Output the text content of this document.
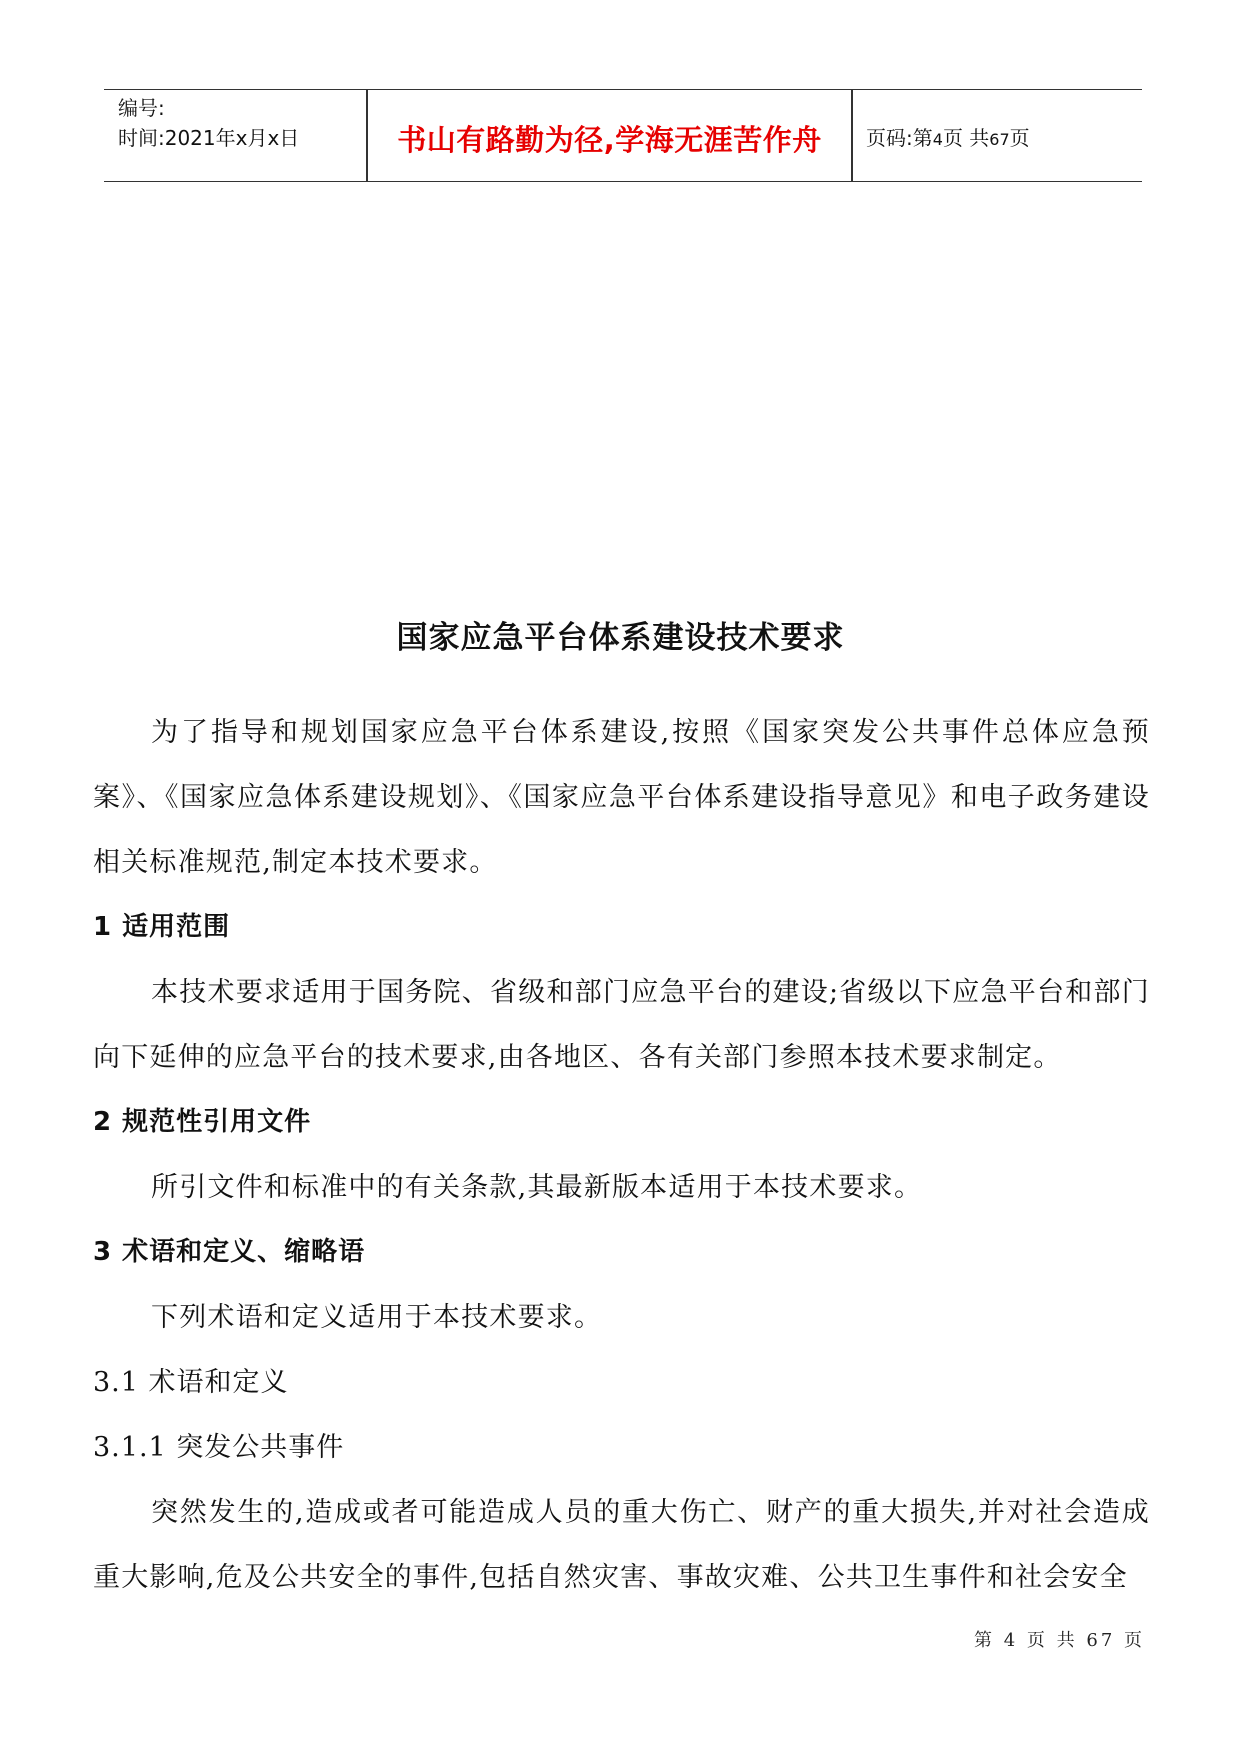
编号:
时间:2021年x月x日	书山有路勤为径,学海无涯苦作舟	页码:第4页 共67页
国家应急平台体系建设技术要求

为了指导和规划国家应急平台体系建设,按照《国家突发公共事件总体应急预案》、《国家应急体系建设规划》、《国家应急平台体系建设指导意见》和电子政务建设相关标准规范,制定本技术要求。

1 适用范围

本技术要求适用于国务院、省级和部门应急平台的建设;省级以下应急平台和部门向下延伸的应急平台的技术要求,由各地区、各有关部门参照本技术要求制定。

2 规范性引用文件

所引文件和标准中的有关条款,其最新版本适用于本技术要求。

3 术语和定义、缩略语

下列术语和定义适用于本技术要求。

3.1 术语和定义

3.1.1 突发公共事件

突然发生的,造成或者可能造成人员的重大伤亡、财产的重大损失,并对社会造成重大影响,危及公共安全的事件,包括自然灾害、事故灾难、公共卫生事件和社会安全

第 4 页 共 67 页
